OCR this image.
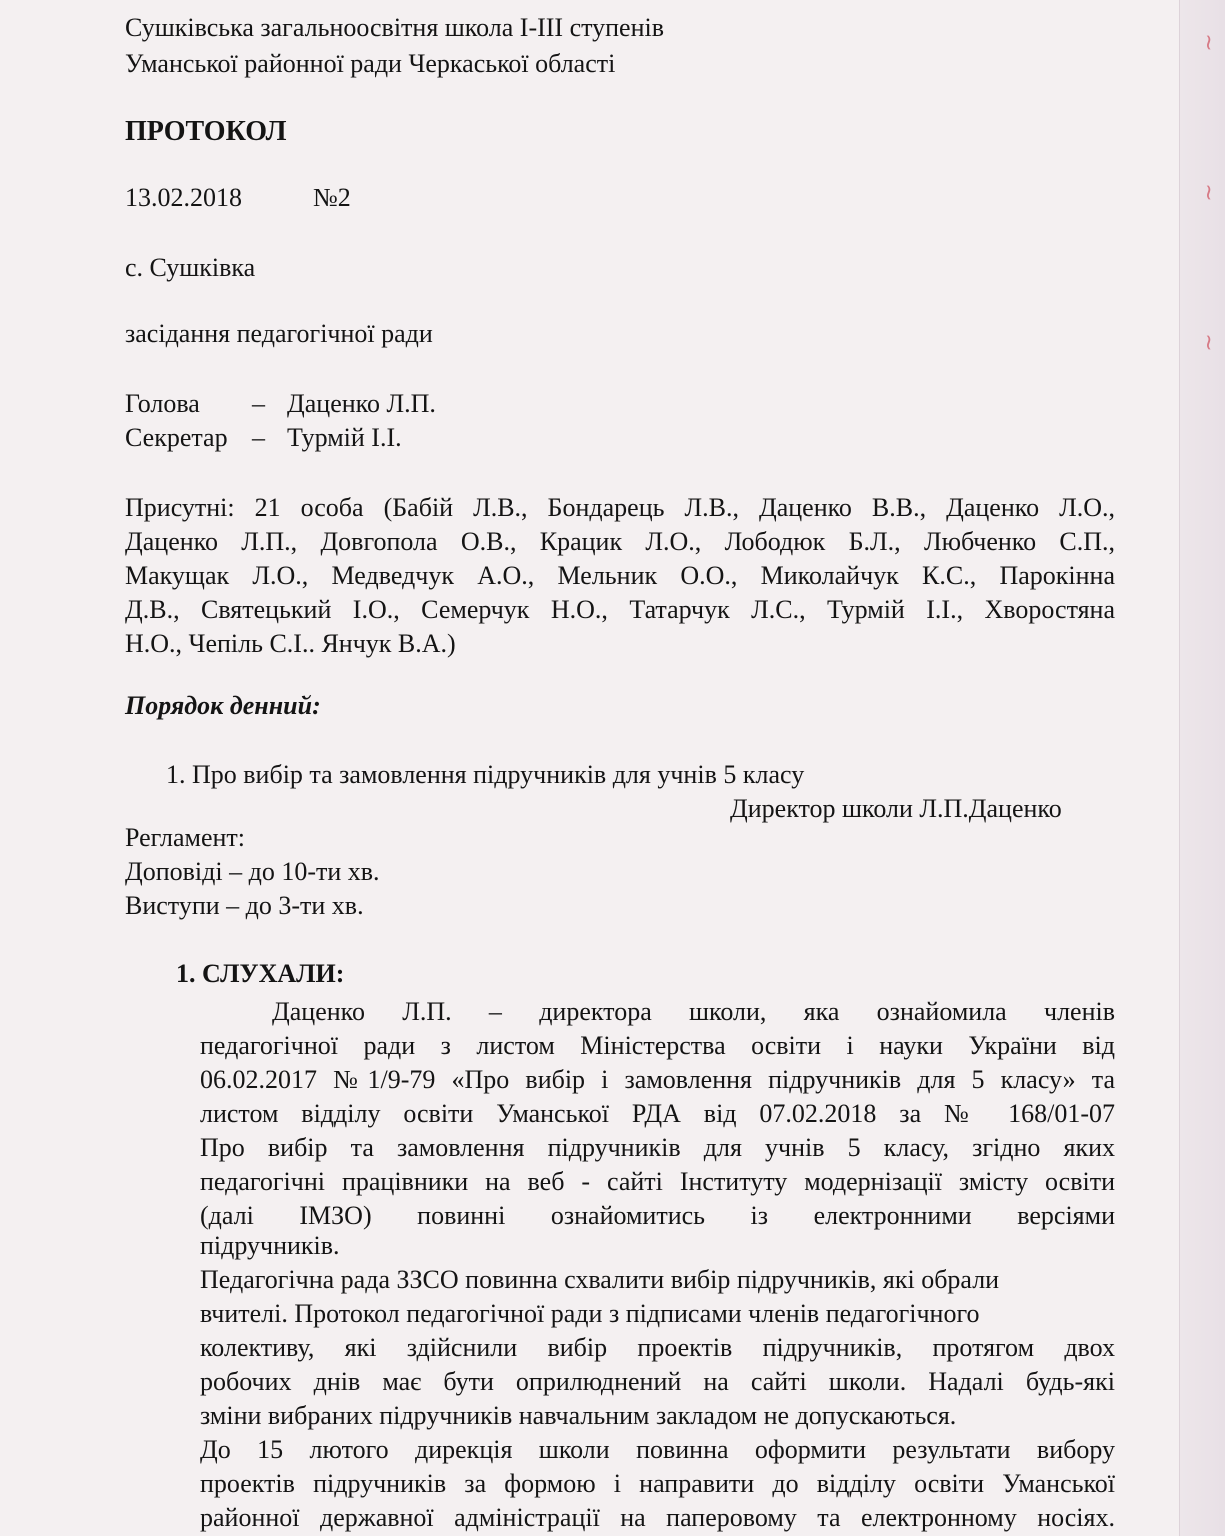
~
~
~
Сушківська загальноосвітня школа І-ІІІ ступенів
Уманської районної ради Черкаської області
ПРОТОКОЛ
13.02.2018	№2
с. Сушківка
засідання педагогічної ради
Голова – Даценко Л.П.
Секретар – Турмій І.І.
Присутні: 21 особа (Бабій Л.В., Бондарець Л.В., Даценко В.В., Даценко Л.О.,
Даценко Л.П., Довгопола О.В., Крацик Л.О., Лободюк Б.Л., Любченко С.П.,
Макущак Л.О., Медведчук А.О., Мельник О.О., Миколайчук К.С., Парокінна
Д.В., Святецький І.О., Семерчук Н.О., Татарчук Л.С., Турмій І.І., Хворостяна
Н.О., Чепіль С.І.. Янчук В.А.)
Порядок денний:
1. Про вибір та замовлення підручників для учнів 5 класу
Директор школи Л.П.Даценко
Регламент:
Доповіді – до 10-ти хв.
Виступи – до 3-ти хв.
1. СЛУХАЛИ:
Даценко Л.П. – директора школи, яка ознайомила членів
педагогічної ради з листом Міністерства освіти і науки України від
06.02.2017 №1/9-79 «Про вибір і замовлення підручників для 5 класу» та
листом відділу освіти Уманської РДА від 07.02.2018 за № 168/01-07
Про вибір та замовлення підручників для учнів 5 класу, згідно яких
педагогічні працівники на веб - сайті Інституту модернізації змісту освіти
(далі ІМЗО) повинні ознайомитись із електронними версіями
підручників.
Педагогічна рада ЗЗСО повинна схвалити вибір підручників, які обрали
вчителі. Протокол педагогічної ради з підписами членів педагогічного
колективу, які здійснили вибір проектів підручників, протягом двох
робочих днів має бути оприлюднений на сайті школи. Надалі будь-які
зміни вибраних підручників навчальним закладом не допускаються.
До 15 лютого дирекція школи повинна оформити результати вибору
проектів підручників за формою і направити до відділу освіти Уманської
районної державної адміністрації на паперовому та електронному носіях.
